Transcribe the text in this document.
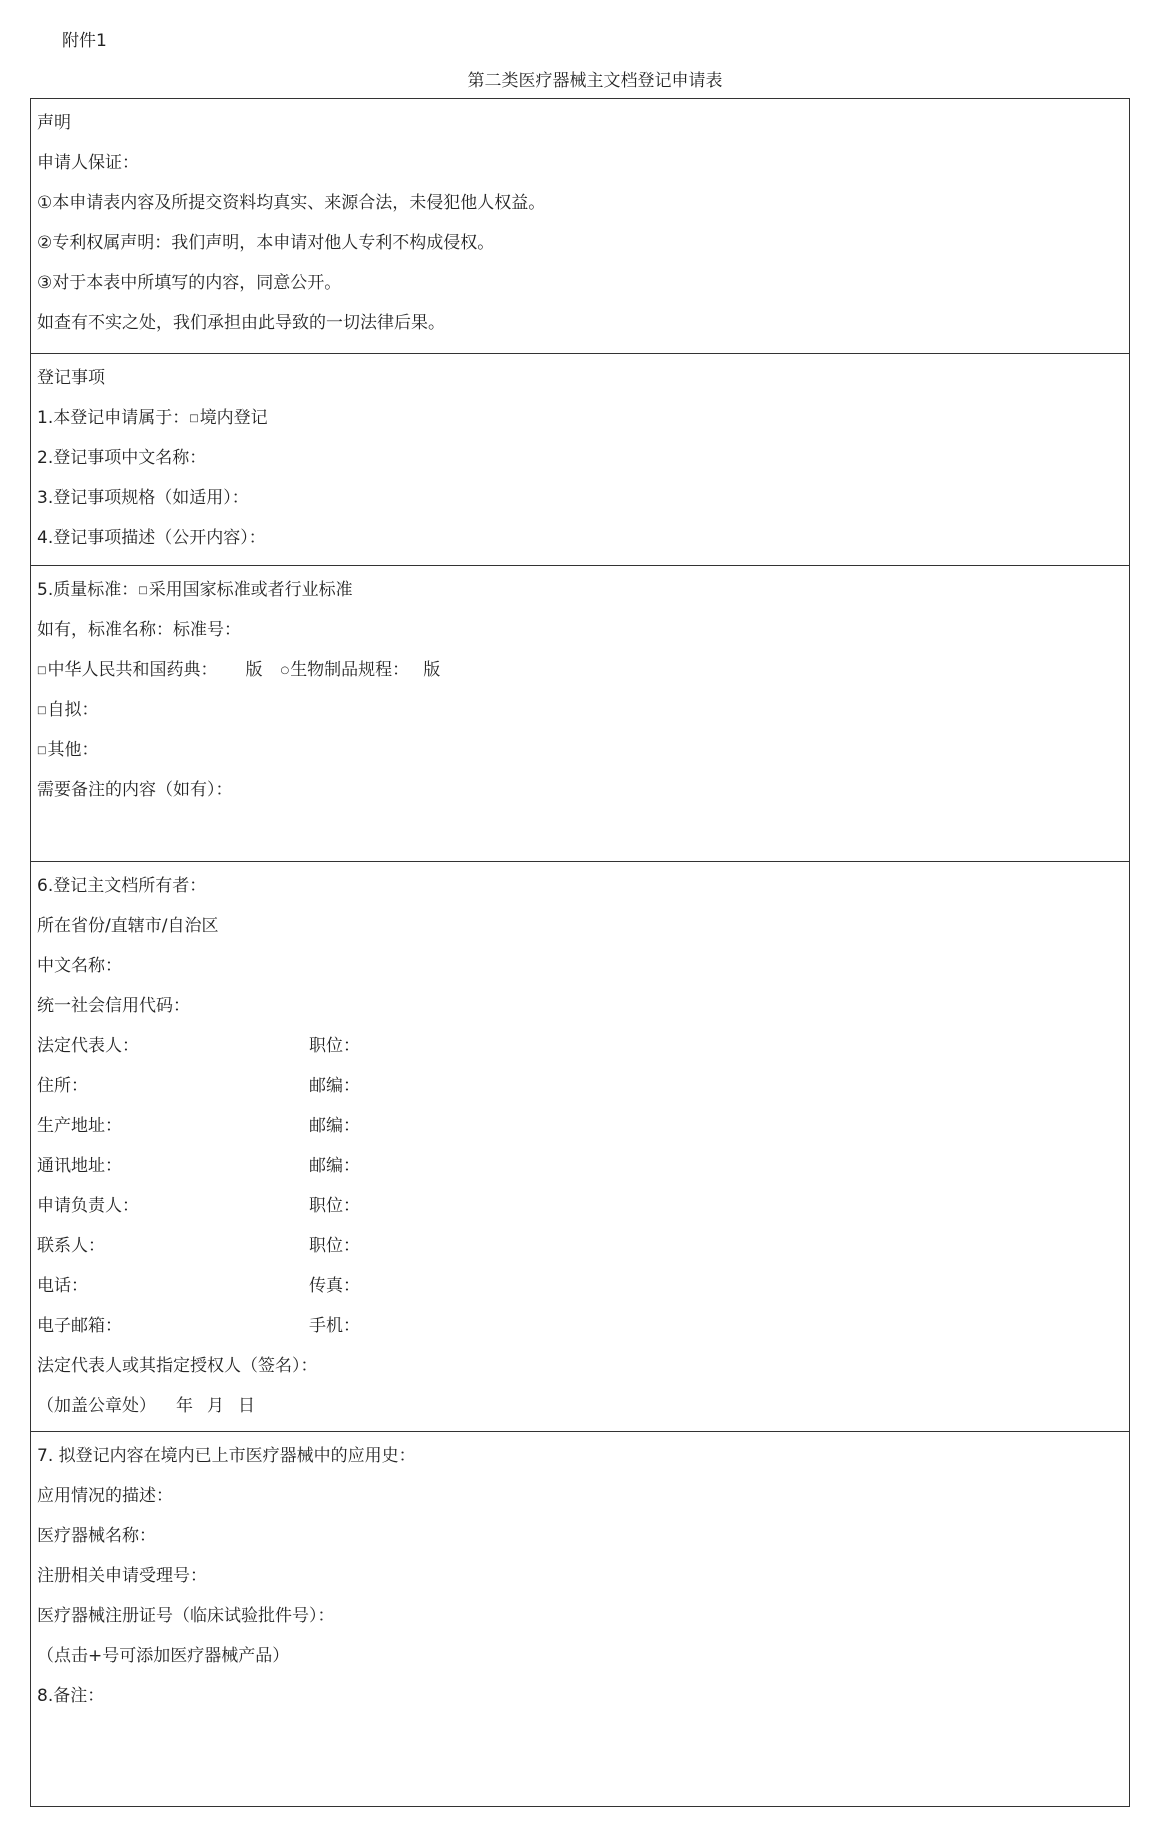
附件1
第二类医疗器械主文档登记申请表
声明
申请人保证：
①本申请表内容及所提交资料均真实、来源合法，未侵犯他人权益。
②专利权属声明：我们声明，本申请对他人专利不构成侵权。
③对于本表中所填写的内容，同意公开。
如查有不实之处，我们承担由此导致的一切法律后果。
登记事项
1.本登记申请属于：□境内登记
2.登记事项中文名称：
3.登记事项规格（如适用）：
4.登记事项描述（公开内容）：
5.质量标准：□采用国家标准或者行业标准
如有，标准名称：标准号：
□中华人民共和国药典： 版 ○生物制品规程： 版
□自拟：
□其他：
需要备注的内容（如有）：
6.登记主文档所有者：
所在省份/直辖市/自治区
中文名称：
统一社会信用代码：
法定代表人：	职位：
住所：	邮编：
生产地址：	邮编：
通讯地址：	邮编：
申请负责人：	职位：
联系人：	职位：
电话：	传真：
电子邮箱：	手机：
法定代表人或其指定授权人（签名）：
（加盖公章处） 年 月 日
7. 拟登记内容在境内已上市医疗器械中的应用史：
应用情况的描述：
医疗器械名称：
注册相关申请受理号：
医疗器械注册证号（临床试验批件号）：
（点击+号可添加医疗器械产品）
8.备注：
